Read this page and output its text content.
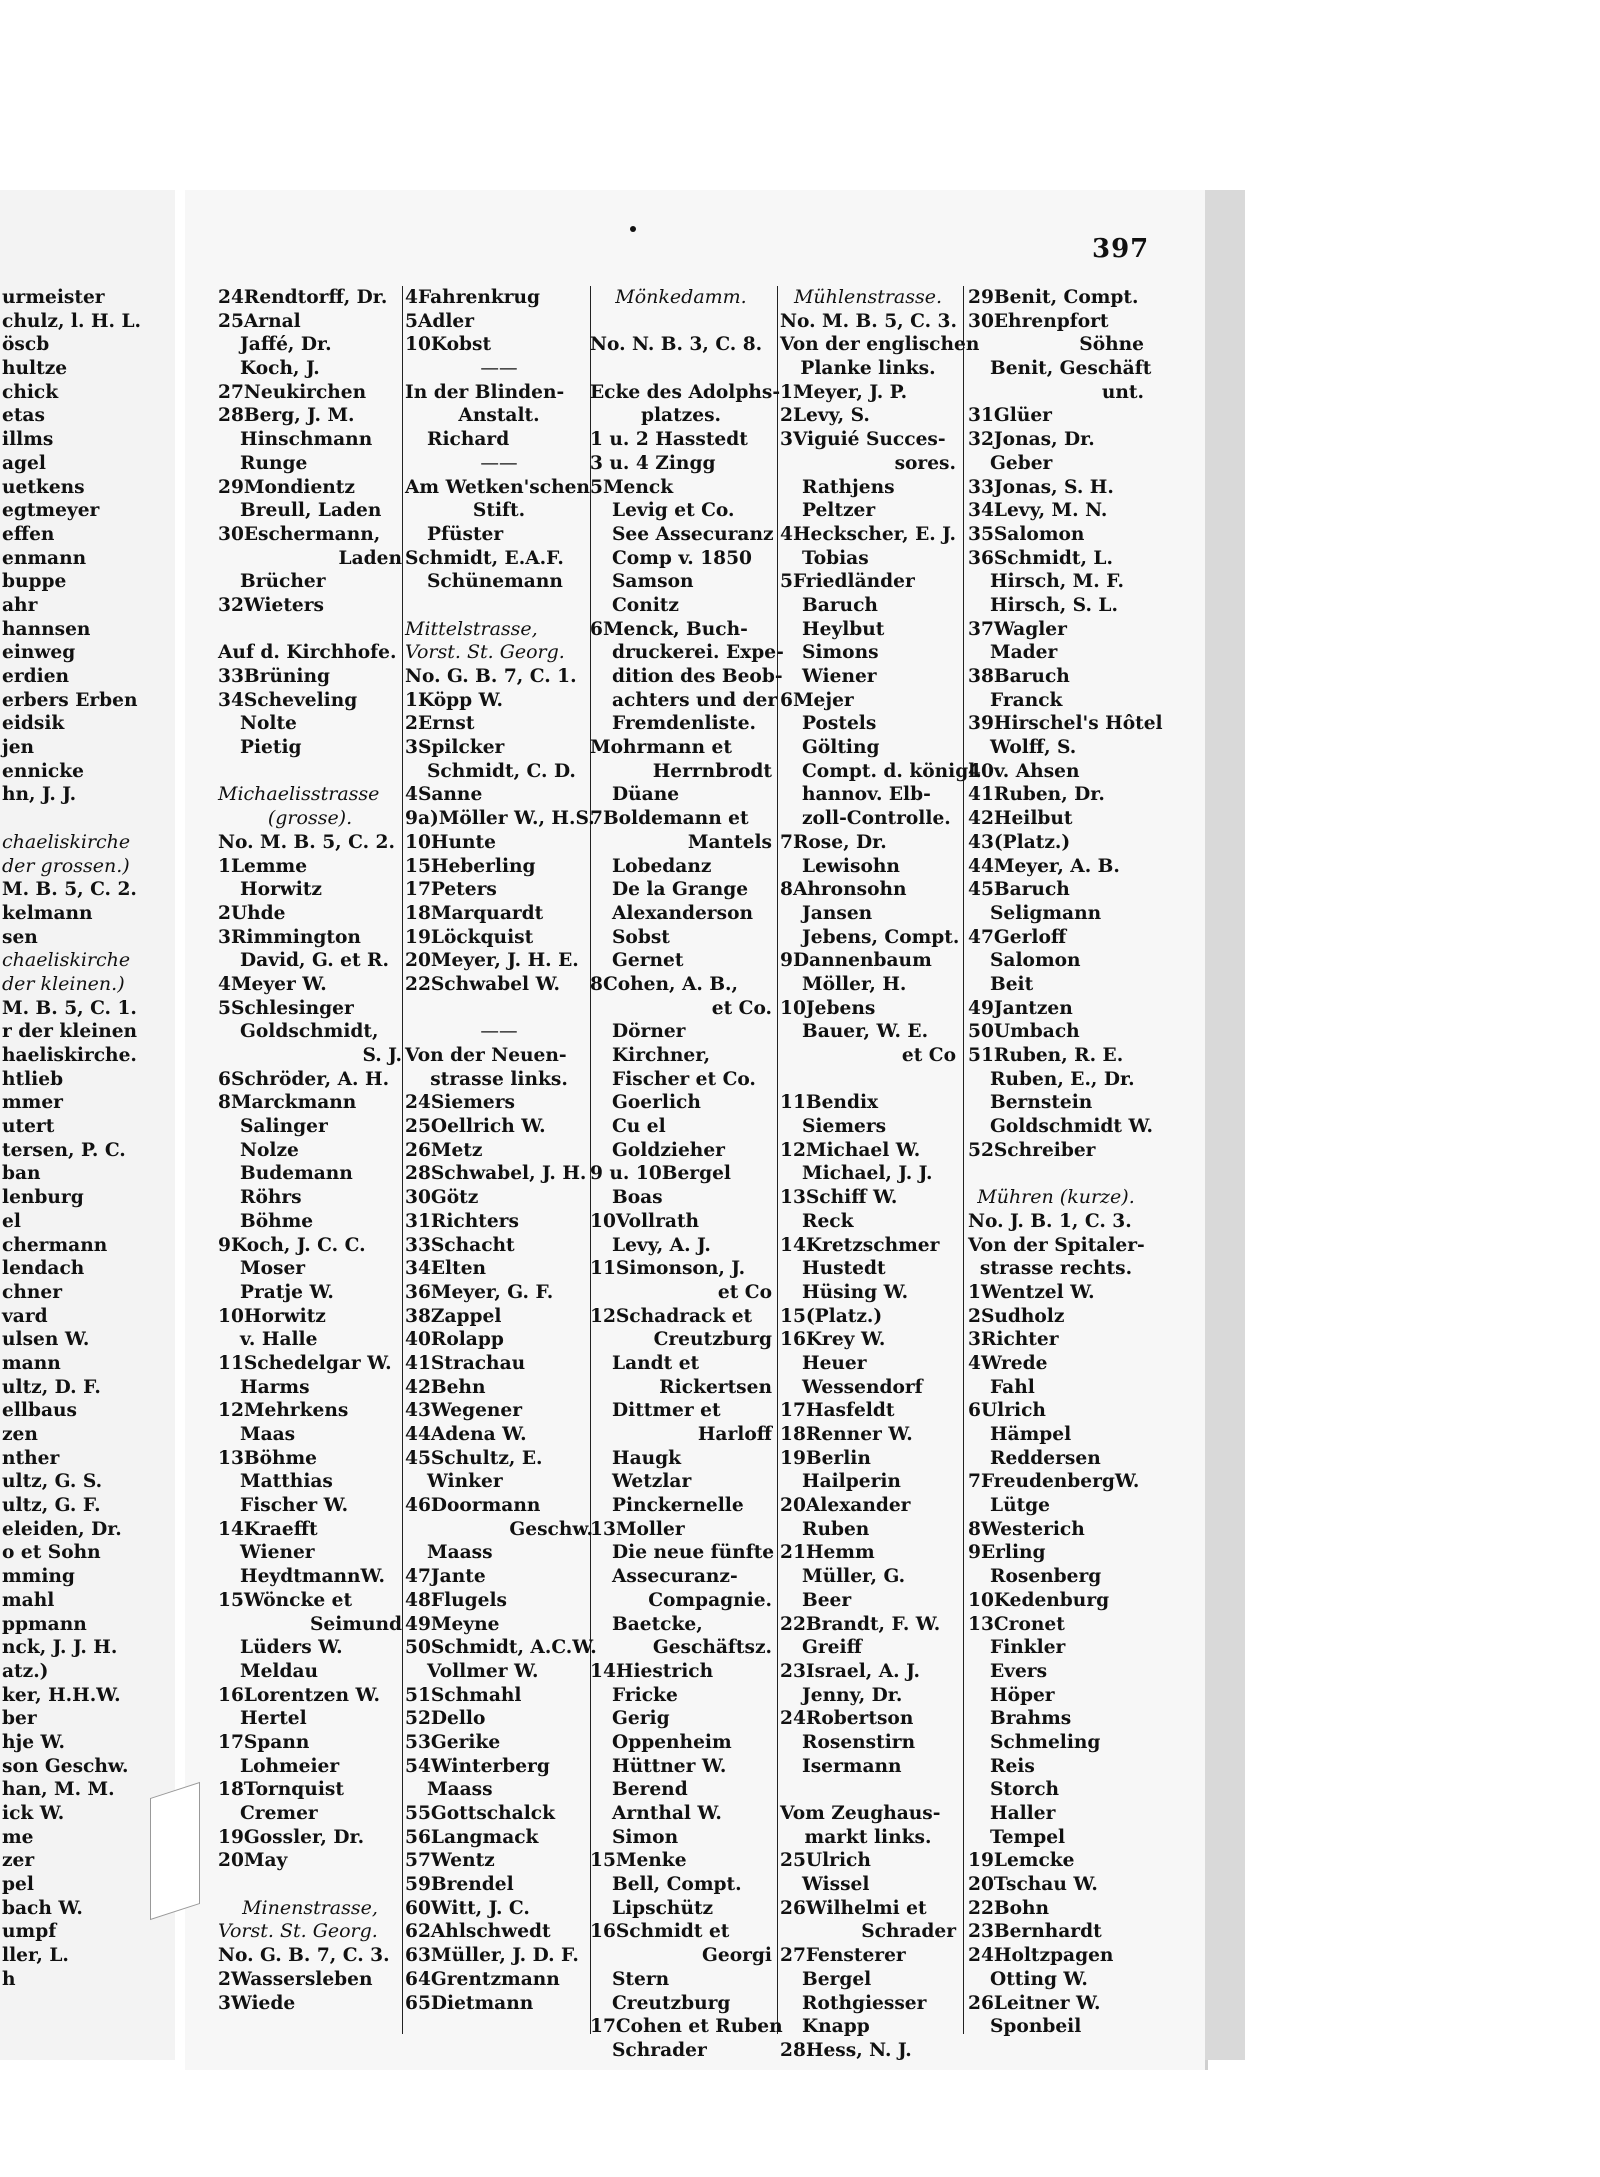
397
urmeister
chulz, l. H. L.
öscb
hultze
chick
etas
illms
agel
uetkens
egtmeyer
effen
enmann
buppe
ahr
hannsen
einweg
erdien
erbers Erben
eidsik
jen
ennicke
hn, J. J.

chaeliskirche
der grossen.)
M. B. 5, C. 2.
kelmann
sen
chaeliskirche
der kleinen.)
M. B. 5, C. 1.
r der kleinen
haeliskirche.
htlieb
mmer
utert
tersen, P. C.
ban
lenburg
el
chermann
lendach
chner
vard
ulsen W.
mann
ultz, D. F.
ellbaus
zen
nther
ultz, G. S.
ultz, G. F.
eleiden, Dr.
o et Sohn
mming
mahl
ppmann
nck, J. J. H.
atz.)
ker, H.H.W.
ber
hje W.
son Geschw.
han, M. M.
ick W.
me
zer
pel
bach W.
umpf
ller, L.
h
24Rendtorff, Dr.
25Arnal
Jaffé, Dr.
Koch, J.
27Neukirchen
28Berg, J. M.
Hinschmann
Runge
29Mondientz
Breull, Laden
30Eschermann,
Laden
Brücher
32Wieters

Auf d. Kirchhofe.
33Brüning
34Scheveling
Nolte
Pietig

Michaelisstrasse
(grosse).
No. M. B. 5, C. 2.
1Lemme
Horwitz
2Uhde
3Rimmington
David, G. et R.
4Meyer W.
5Schlesinger
Goldschmidt,
S. J.
6Schröder, A. H.
8Marckmann
Salinger
Nolze
Budemann
Röhrs
Böhme
9Koch, J. C. C.
Moser
Pratje W.
10Horwitz
v. Halle
11Schedelgar W.
Harms
12Mehrkens
Maas
13Böhme
Matthias
Fischer W.
14Kraefft
Wiener
HeydtmannW.
15Wöncke et
Seimund
Lüders W.
Meldau
16Lorentzen W.
Hertel
17Spann
Lohmeier
18Tornquist
Cremer
19Gossler, Dr.
20May

Minenstrasse,
Vorst. St. Georg.
No. G. B. 7, C. 3.
2Wassersleben
3Wiede
4Fahrenkrug
5Adler
10Kobst
——
In der Blinden-
Anstalt.
Richard
——
Am Wetken'schen
Stift.
Pfüster
Schmidt, E.A.F.
Schünemann

Mittelstrasse,
Vorst. St. Georg.
No. G. B. 7, C. 1.
1Köpp W.
2Ernst
3Spilcker
Schmidt, C. D.
4Sanne
9a)Möller W., H.S.
10Hunte
15Heberling
17Peters
18Marquardt
19Löckquist
20Meyer, J. H. E.
22Schwabel W.

——
Von der Neuen-
strasse links.
24Siemers
25Oellrich W.
26Metz
28Schwabel, J. H.
30Götz
31Richters
33Schacht
34Elten
36Meyer, G. F.
38Zappel
40Rolapp
41Strachau
42Behn
43Wegener
44Adena W.
45Schultz, E.
Winker
46Doormann
Geschw.
Maass
47Jante
48Flugels
49Meyne
50Schmidt, A.C.W.
Vollmer W.
51Schmahl
52Dello
53Gerike
54Winterberg
Maass
55Gottschalck
56Langmack
57Wentz
59Brendel
60Witt, J. C.
62Ahlschwedt
63Müller, J. D. F.
64Grentzmann
65Dietmann
Mönkedamm.

No. N. B. 3, C. 8.

Ecke des Adolphs-
platzes.
1 u. 2 Hasstedt
3 u. 4 Zingg
5Menck
Levig et Co.
See Assecuranz
Comp v. 1850
Samson
Conitz
6Menck, Buch-
druckerei. Expe-
dition des Beob-
achters und der
Fremdenliste.
Mohrmann et
Herrnbrodt
Düane
7Boldemann et
Mantels
Lobedanz
De la Grange
Alexanderson
Sobst
Gernet
8Cohen, A. B.,
et Co.
Dörner
Kirchner,
Fischer et Co.
Goerlich
Cu el
Goldzieher
9 u. 10Bergel
Boas
10Vollrath
Levy, A. J.
11Simonson, J.
et Co
12Schadrack et
Creutzburg
Landt et
Rickertsen
Dittmer et
Harloff
Haugk
Wetzlar
Pinckernelle
13Moller
Die neue fünfte
Assecuranz-
Compagnie.
Baetcke,
Geschäftsz.
14Hiestrich
Fricke
Gerig
Oppenheim
Hüttner W.
Berend
Arnthal W.
Simon
15Menke
Bell, Compt.
Lipschütz
16Schmidt et
Georgi
Stern
Creutzburg
17Cohen et Ruben
Schrader
Mühlenstrasse.
No. M. B. 5, C. 3.
Von der englischen
Planke links.
1Meyer, J. P.
2Levy, S.
3Viguié Succes-
sores.
Rathjens
Peltzer
4Heckscher, E. J.
Tobias
5Friedländer
Baruch
Heylbut
Simons
Wiener
6Mejer
Postels
Gölting
Compt. d. königl.
hannov. Elb-
zoll-Controlle.
7Rose, Dr.
Lewisohn
8Ahronsohn
Jansen
Jebens, Compt.
9Dannenbaum
Möller, H.
10Jebens
Bauer, W. E.
et Co

11Bendix
Siemers
12Michael W.
Michael, J. J.
13Schiff W.
Reck
14Kretzschmer
Hustedt
Hüsing W.
15(Platz.)
16Krey W.
Heuer
Wessendorf
17Hasfeldt
18Renner W.
19Berlin
Hailperin
20Alexander
Ruben
21Hemm
Müller, G.
Beer
22Brandt, F. W.
Greiff
23Israel, A. J.
Jenny, Dr.
24Robertson
Rosenstirn
Isermann

Vom Zeughaus-
markt links.
25Ulrich
Wissel
26Wilhelmi et
Schrader
27Fensterer
Bergel
Rothgiesser
Knapp
28Hess, N. J.
29Benit, Compt.
30Ehrenpfort
Söhne
Benit, Geschäft
unt.
31Glüer
32Jonas, Dr.
Geber
33Jonas, S. H.
34Levy, M. N.
35Salomon
36Schmidt, L.
Hirsch, M. F.
Hirsch, S. L.
37Wagler
Mader
38Baruch
Franck
39Hirschel's Hôtel
Wolff, S.
40v. Ahsen
41Ruben, Dr.
42Heilbut
43(Platz.)
44Meyer, A. B.
45Baruch
Seligmann
47Gerloff
Salomon
Beit
49Jantzen
50Umbach
51Ruben, R. E.
Ruben, E., Dr.
Bernstein
Goldschmidt W.
52Schreiber

Mühren (kurze).
No. J. B. 1, C. 3.
Von der Spitaler-
strasse rechts.
1Wentzel W.
2Sudholz
3Richter
4Wrede
Fahl
6Ulrich
Hämpel
Reddersen
7FreudenbergW.
Lütge
8Westerich
9Erling
Rosenberg
10Kedenburg
13Cronet
Finkler
Evers
Höper
Brahms
Schmeling
Reis
Storch
Haller
Tempel
19Lemcke
20Tschau W.
22Bohn
23Bernhardt
24Holtzpagen
Otting W.
26Leitner W.
Sponbeil
